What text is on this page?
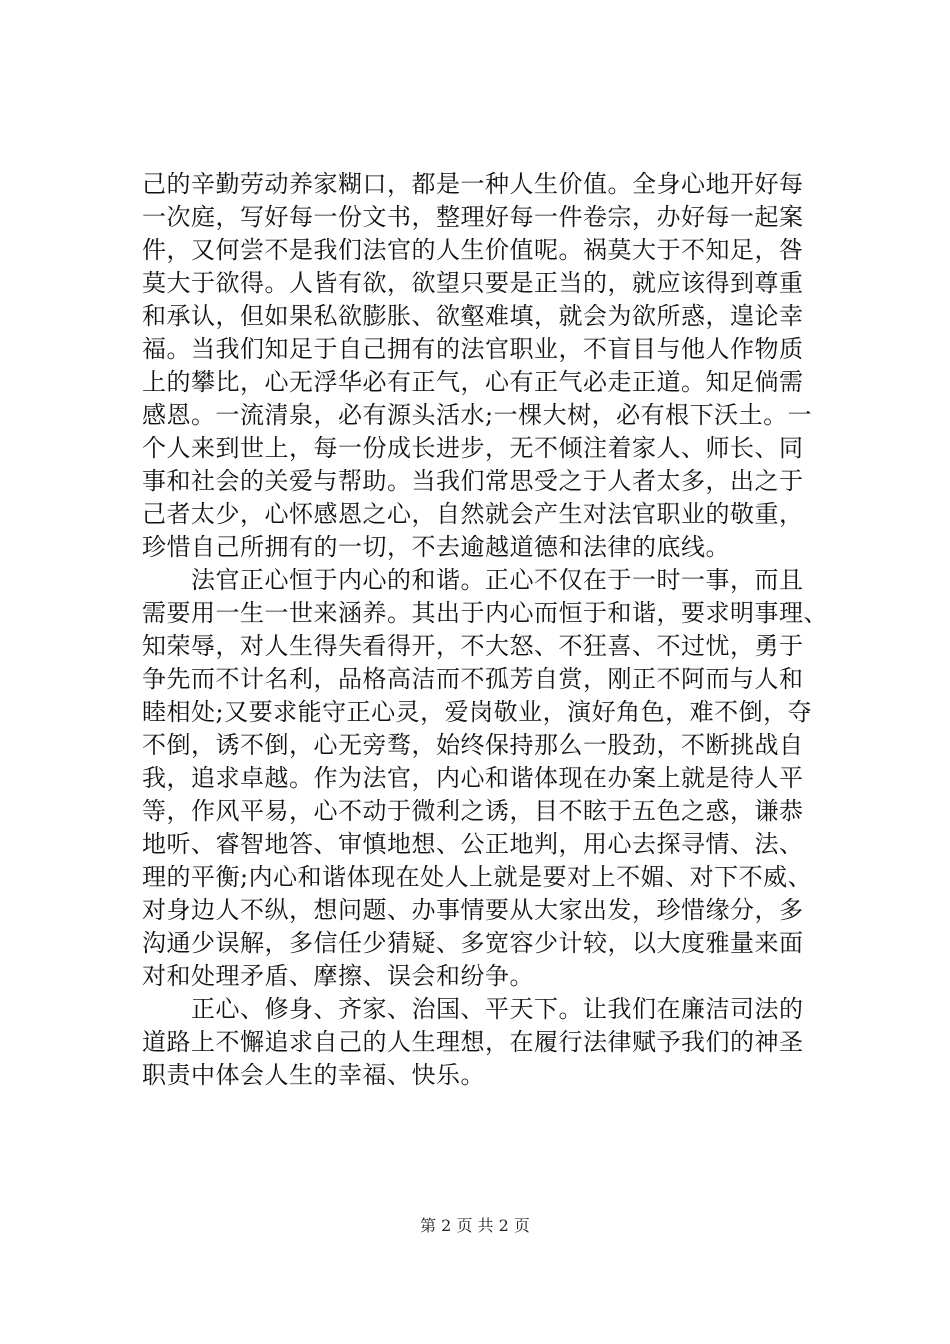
己的辛勤劳动养家糊口，都是一种人生价值。全身心地开好每
一次庭，写好每一份文书，整理好每一件卷宗，办好每一起案
件，又何尝不是我们法官的人生价值呢。祸莫大于不知足，咎
莫大于欲得。人皆有欲，欲望只要是正当的，就应该得到尊重
和承认，但如果私欲膨胀、欲壑难填，就会为欲所惑，遑论幸
福。当我们知足于自己拥有的法官职业，不盲目与他人作物质
上的攀比，心无浮华必有正气，心有正气必走正道。知足倘需
感恩。一流清泉，必有源头活水;一棵大树，必有根下沃土。一
个人来到世上，每一份成长进步，无不倾注着家人、师长、同
事和社会的关爱与帮助。当我们常思受之于人者太多，出之于
己者太少，心怀感恩之心，自然就会产生对法官职业的敬重，
珍惜自己所拥有的一切，不去逾越道德和法律的底线。
　　法官正心恒于内心的和谐。正心不仅在于一时一事，而且
需要用一生一世来涵养。其出于内心而恒于和谐，要求明事理、
知荣辱，对人生得失看得开，不大怒、不狂喜、不过忧，勇于
争先而不计名利，品格高洁而不孤芳自赏，刚正不阿而与人和
睦相处;又要求能守正心灵，爱岗敬业，演好角色，难不倒，夺
不倒，诱不倒，心无旁骛，始终保持那么一股劲，不断挑战自
我，追求卓越。作为法官，内心和谐体现在办案上就是待人平
等，作风平易，心不动于微利之诱，目不眩于五色之惑，谦恭
地听、睿智地答、审慎地想、公正地判，用心去探寻情、法、
理的平衡;内心和谐体现在处人上就是要对上不媚、对下不威、
对身边人不纵，想问题、办事情要从大家出发，珍惜缘分，多
沟通少误解，多信任少猜疑、多宽容少计较，以大度雅量来面
对和处理矛盾、摩擦、误会和纷争。
　　正心、修身、齐家、治国、平天下。让我们在廉洁司法的
道路上不懈追求自己的人生理想，在履行法律赋予我们的神圣
职责中体会人生的幸福、快乐。
第 2 页 共 2 页
